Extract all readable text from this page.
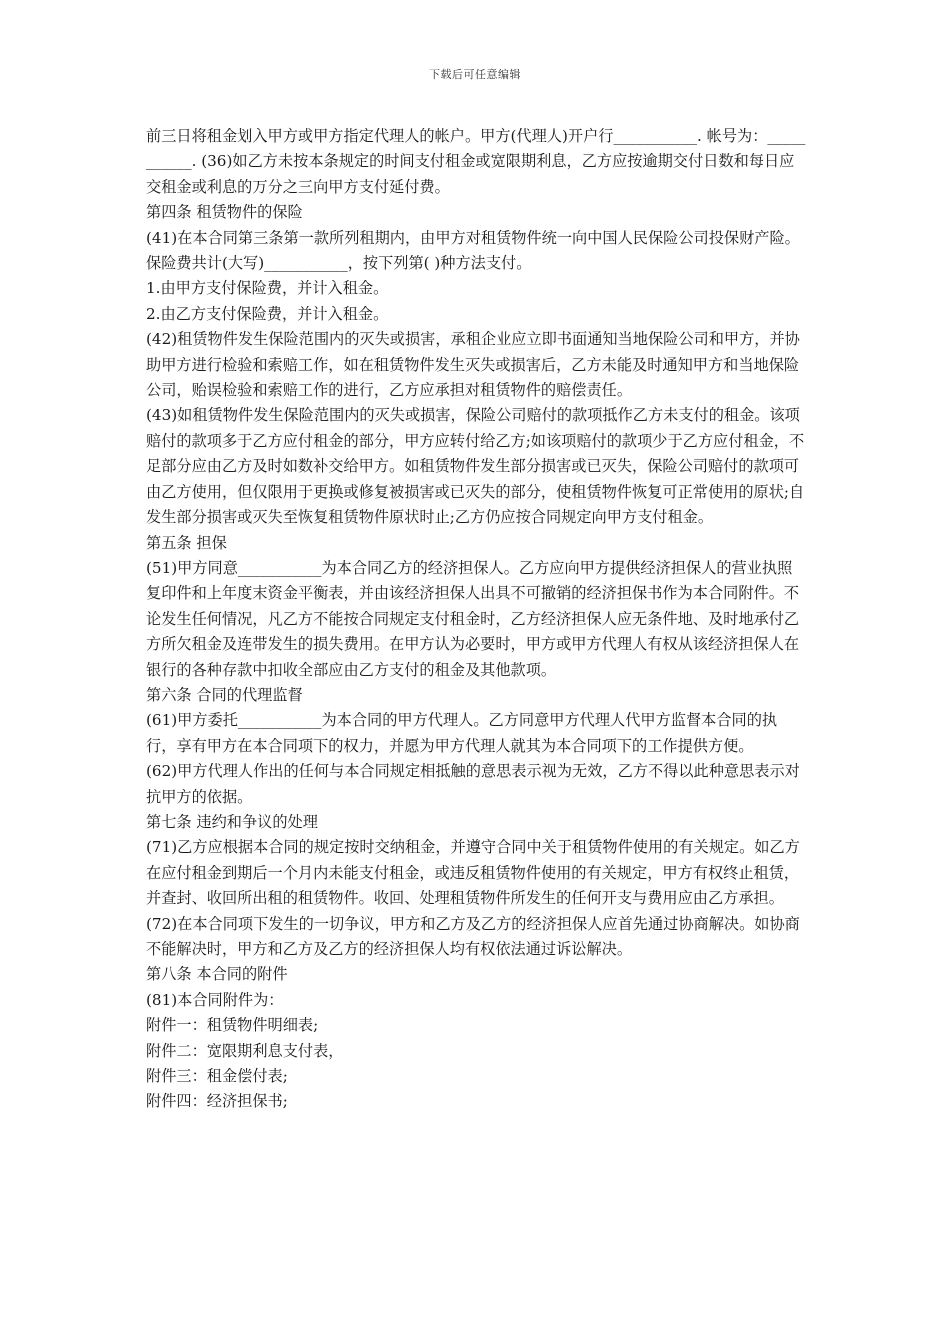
下载后可任意编辑

前三日将租金划入甲方或甲方指定代理人的帐户。甲方(代理人)开户行___________. 帐号为：___________. (36)如乙方未按本条规定的时间支付租金或宽限期利息，乙方应按逾期交付日数和每日应交租金或利息的万分之三向甲方支付延付费。

第四条 租赁物件的保险

(41)在本合同第三条第一款所列租期内，由甲方对租赁物件统一向中国人民保险公司投保财产险。保险费共计(大写)___________，按下列第( )种方法支付。

1.由甲方支付保险费，并计入租金。

2.由乙方支付保险费，并计入租金。

(42)租赁物件发生保险范围内的灭失或损害，承租企业应立即书面通知当地保险公司和甲方，并协助甲方进行检验和索赔工作，如在租赁物件发生灭失或损害后，乙方未能及时通知甲方和当地保险公司，贻误检验和索赔工作的进行，乙方应承担对租赁物件的赔偿责任。

(43)如租赁物件发生保险范围内的灭失或损害，保险公司赔付的款项抵作乙方未支付的租金。该项赔付的款项多于乙方应付租金的部分，甲方应转付给乙方;如该项赔付的款项少于乙方应付租金，不足部分应由乙方及时如数补交给甲方。如租赁物件发生部分损害或已灭失，保险公司赔付的款项可由乙方使用，但仅限用于更换或修复被损害或已灭失的部分，使租赁物件恢复可正常使用的原状;自发生部分损害或灭失至恢复租赁物件原状时止;乙方仍应按合同规定向甲方支付租金。

第五条 担保

(51)甲方同意___________为本合同乙方的经济担保人。乙方应向甲方提供经济担保人的营业执照复印件和上年度末资金平衡表，并由该经济担保人出具不可撤销的经济担保书作为本合同附件。不论发生任何情况，凡乙方不能按合同规定支付租金时，乙方经济担保人应无条件地、及时地承付乙方所欠租金及连带发生的损失费用。在甲方认为必要时，甲方或甲方代理人有权从该经济担保人在银行的各种存款中扣收全部应由乙方支付的租金及其他款项。

第六条 合同的代理监督

(61)甲方委托___________为本合同的甲方代理人。乙方同意甲方代理人代甲方监督本合同的执行，享有甲方在本合同项下的权力，并愿为甲方代理人就其为本合同项下的工作提供方便。

(62)甲方代理人作出的任何与本合同规定相抵触的意思表示视为无效，乙方不得以此种意思表示对抗甲方的依据。

第七条 违约和争议的处理

(71)乙方应根据本合同的规定按时交纳租金，并遵守合同中关于租赁物件使用的有关规定。如乙方在应付租金到期后一个月内未能支付租金，或违反租赁物件使用的有关规定，甲方有权终止租赁，并查封、收回所出租的租赁物件。收回、处理租赁物件所发生的任何开支与费用应由乙方承担。

(72)在本合同项下发生的一切争议，甲方和乙方及乙方的经济担保人应首先通过协商解决。如协商不能解决时，甲方和乙方及乙方的经济担保人均有权依法通过诉讼解决。

第八条 本合同的附件

(81)本合同附件为：

附件一：租赁物件明细表;

附件二：宽限期利息支付表，

附件三：租金偿付表;

附件四：经济担保书;
